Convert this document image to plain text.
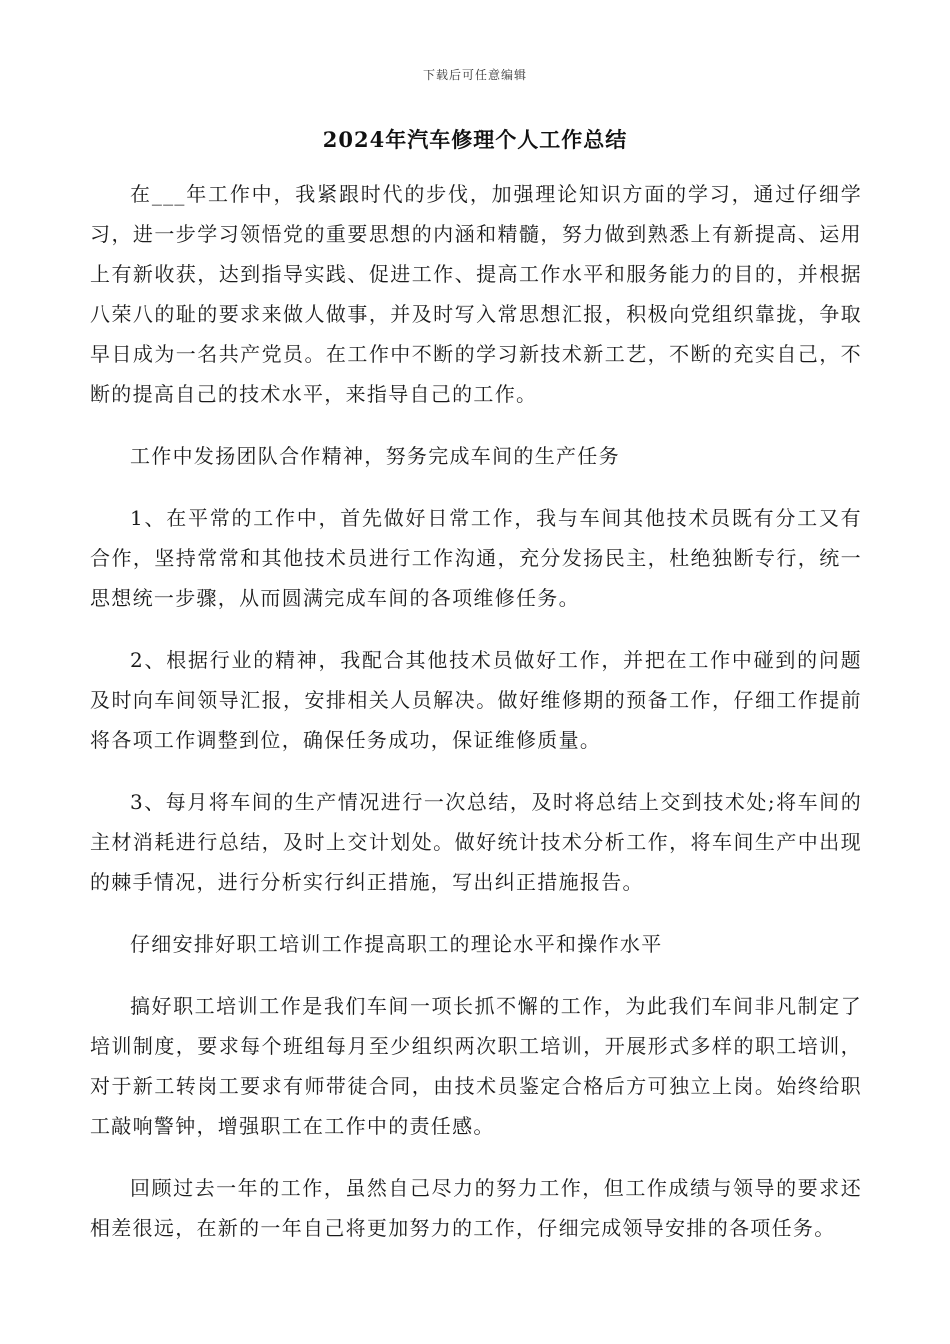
下载后可任意编辑
2024年汽车修理个人工作总结

在___年工作中，我紧跟时代的步伐，加强理论知识方面的学习，通过仔细学习，进一步学习领悟党的重要思想的内涵和精髓，努力做到熟悉上有新提高、运用上有新收获，达到指导实践、促进工作、提高工作水平和服务能力的目的，并根据八荣八的耻的要求来做人做事，并及时写入常思想汇报，积极向党组织靠拢，争取早日成为一名共产党员。在工作中不断的学习新技术新工艺，不断的充实自己，不断的提高自己的技术水平，来指导自己的工作。

工作中发扬团队合作精神，努务完成车间的生产任务

1、在平常的工作中，首先做好日常工作，我与车间其他技术员既有分工又有合作，坚持常常和其他技术员进行工作沟通，充分发扬民主，杜绝独断专行，统一思想统一步骤，从而圆满完成车间的各项维修任务。

2、根据行业的精神，我配合其他技术员做好工作，并把在工作中碰到的问题及时向车间领导汇报，安排相关人员解决。做好维修期的预备工作，仔细工作提前将各项工作调整到位，确保任务成功，保证维修质量。

3、每月将车间的生产情况进行一次总结，及时将总结上交到技术处;将车间的主材消耗进行总结，及时上交计划处。做好统计技术分析工作，将车间生产中出现的棘手情况，进行分析实行纠正措施，写出纠正措施报告。

仔细安排好职工培训工作提高职工的理论水平和操作水平

搞好职工培训工作是我们车间一项长抓不懈的工作，为此我们车间非凡制定了培训制度，要求每个班组每月至少组织两次职工培训，开展形式多样的职工培训，对于新工转岗工要求有师带徒合同，由技术员鉴定合格后方可独立上岗。始终给职工敲响警钟，增强职工在工作中的责任感。

回顾过去一年的工作，虽然自己尽力的努力工作，但工作成绩与领导的要求还相差很远，在新的一年自己将更加努力的工作，仔细完成领导安排的各项任务。
